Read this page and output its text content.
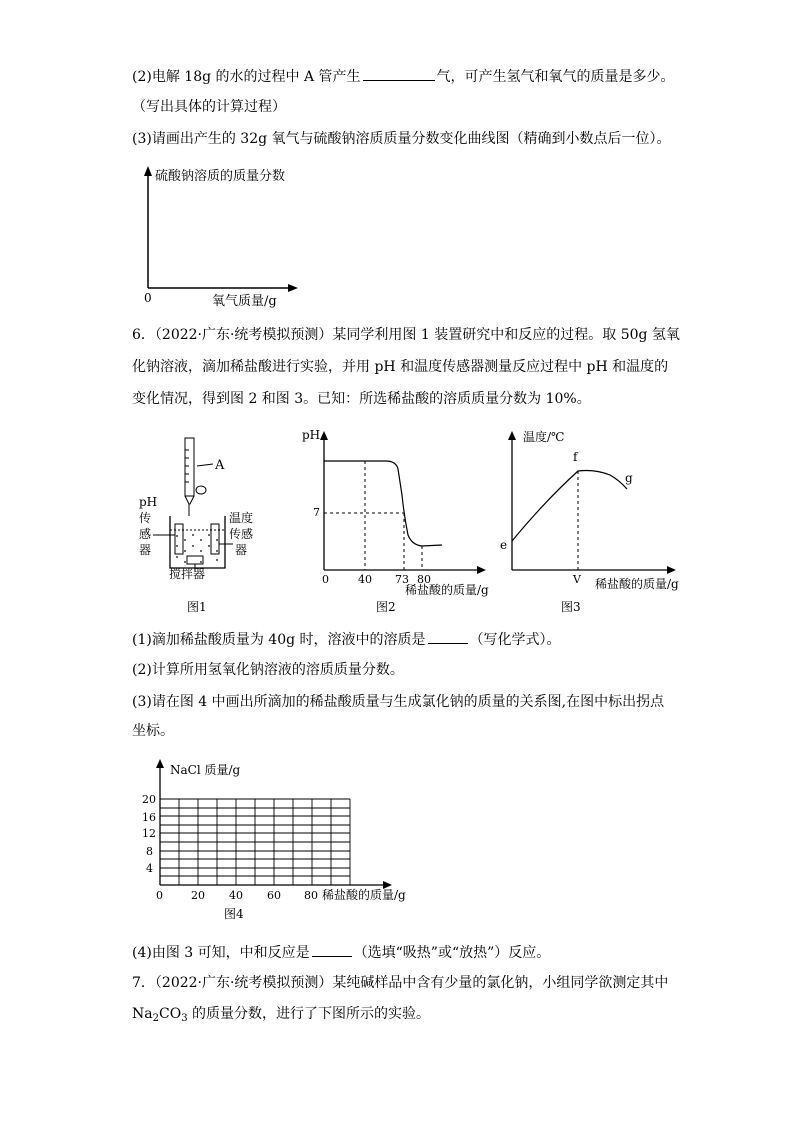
(2)电解 18g 的水的过程中 A 管产生	气，可产生氢气和氧气的质量是多少。
（写出具体的计算过程）
(3)请画出产生的 32g 氧气与硫酸钠溶质质量分数变化曲线图（精确到小数点后一位）。
硫酸钠溶质的质量分数
0	氧气质量/g
6．（2022·广东·统考模拟预测）某同学利用图 1 装置研究中和反应的过程。取 50g 氢氧
化钠溶液，滴加稀盐酸进行实验，并用 pH 和温度传感器测量反应过程中 pH 和温度的
变化情况，得到图 2 和图 3。已知：所选稀盐酸的溶质质量分数为 10%。
A
pH
传
感
器
温度
传感
器
搅拌器
图1
pH
7
0	40 73 80
稀盐酸的质量/g
图2
温度/℃
e
f
g
V 稀盐酸的质量/g
图3
(1)滴加稀盐酸质量为 40g 时，溶液中的溶质是	（写化学式）。
(2)计算所用氢氧化钠溶液的溶质质量分数。
(3)请在图 4 中画出所滴加的稀盐酸质量与生成氯化钠的质量的关系图,在图中标出拐点
坐标。
NaCl 质量/g
20
16
12
8
4
0	20 40 60 80 稀盐酸的质量/g
图4
(4)由图 3 可知，中和反应是	（选填“吸热”或“放热”）反应。
7．（2022·广东·统考模拟预测）某纯碱样品中含有少量的氯化钠，小组同学欲测定其中
$Na_2CO_3$ 的质量分数，进行了下图所示的实验。
